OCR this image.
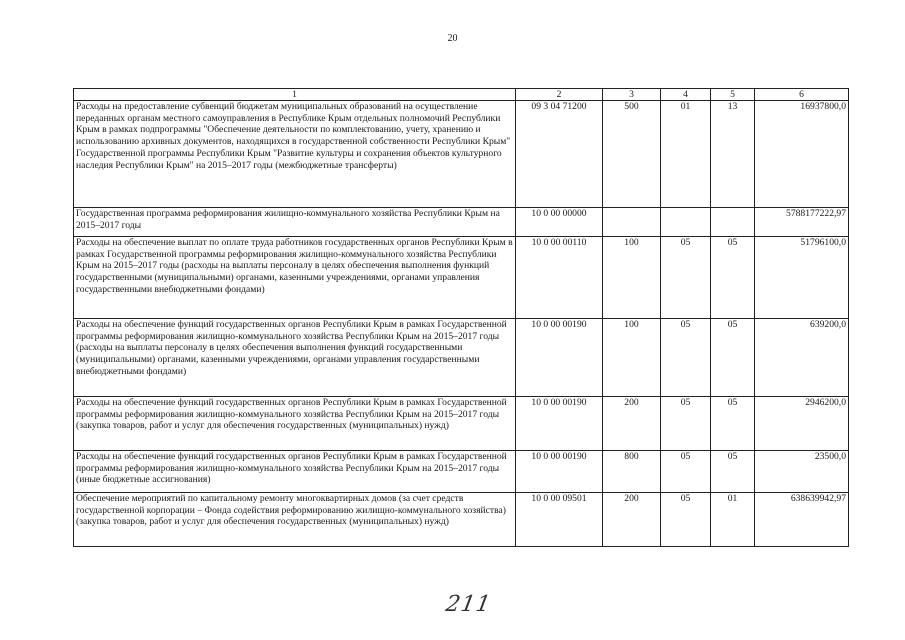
20
1	2	3	4	5	6
Расходы на предоставление субвенций бюджетам муниципальных образований на осуществление переданных органам местного самоуправления в Республике Крым отдельных полномочий Республики Крым в рамках подпрограммы "Обеспечение деятельности по комплектованию, учету, хранению и использованию архивных документов, находящихся в государственной собственности Республики Крым" Государственной программы Республики Крым "Развитие культуры и сохранения объектов культурного наследия Республики Крым" на 2015–2017 годы (межбюджетные трансферты)	09 3 04 71200	500	01	13	16937800,0
Государственная программа реформирования жилищно-коммунального хозяйства Республики Крым на 2015–2017 годы	10 0 00 00000				5788177222,97
Расходы на обеспечение выплат по оплате труда работников государственных органов Республики Крым в рамках Государственной программы реформирования жилищно-коммунального хозяйства Республики Крым на 2015–2017 годы (расходы на выплаты персоналу в целях обеспечения выполнения функций государственными (муниципальными) органами, казенными учреждениями, органами управления государственными внебюджетными фондами)	10 0 00 00110	100	05	05	51796100,0
Расходы на обеспечение функций государственных органов Республики Крым в рамках Государственной программы реформирования жилищно-коммунального хозяйства Республики Крым на 2015–2017 годы (расходы на выплаты персоналу в целях обеспечения выполнения функций государственными (муниципальными) органами, казенными учреждениями, органами управления государственными внебюджетными фондами)	10 0 00 00190	100	05	05	639200,0
Расходы на обеспечение функций государственных органов Республики Крым в рамках Государственной программы реформирования жилищно-коммунального хозяйства Республики Крым на 2015–2017 годы (закупка товаров, работ и услуг для обеспечения государственных (муниципальных) нужд)	10 0 00 00190	200	05	05	2946200,0
Расходы на обеспечение функций государственных органов Республики Крым в рамках Государственной программы реформирования жилищно-коммунального хозяйства Республики Крым на 2015–2017 годы (иные бюджетные ассигнования)	10 0 00 00190	800	05	05	23500,0
Обеспечение мероприятий по капитальному ремонту многоквартирных домов (за счет средств государственной корпорации – Фонда содействия реформированию жилищно-коммунального хозяйства) (закупка товаров, работ и услуг для обеспечения государственных (муниципальных) нужд)	10 0 00 09501	200	05	01	638639942,97
211
